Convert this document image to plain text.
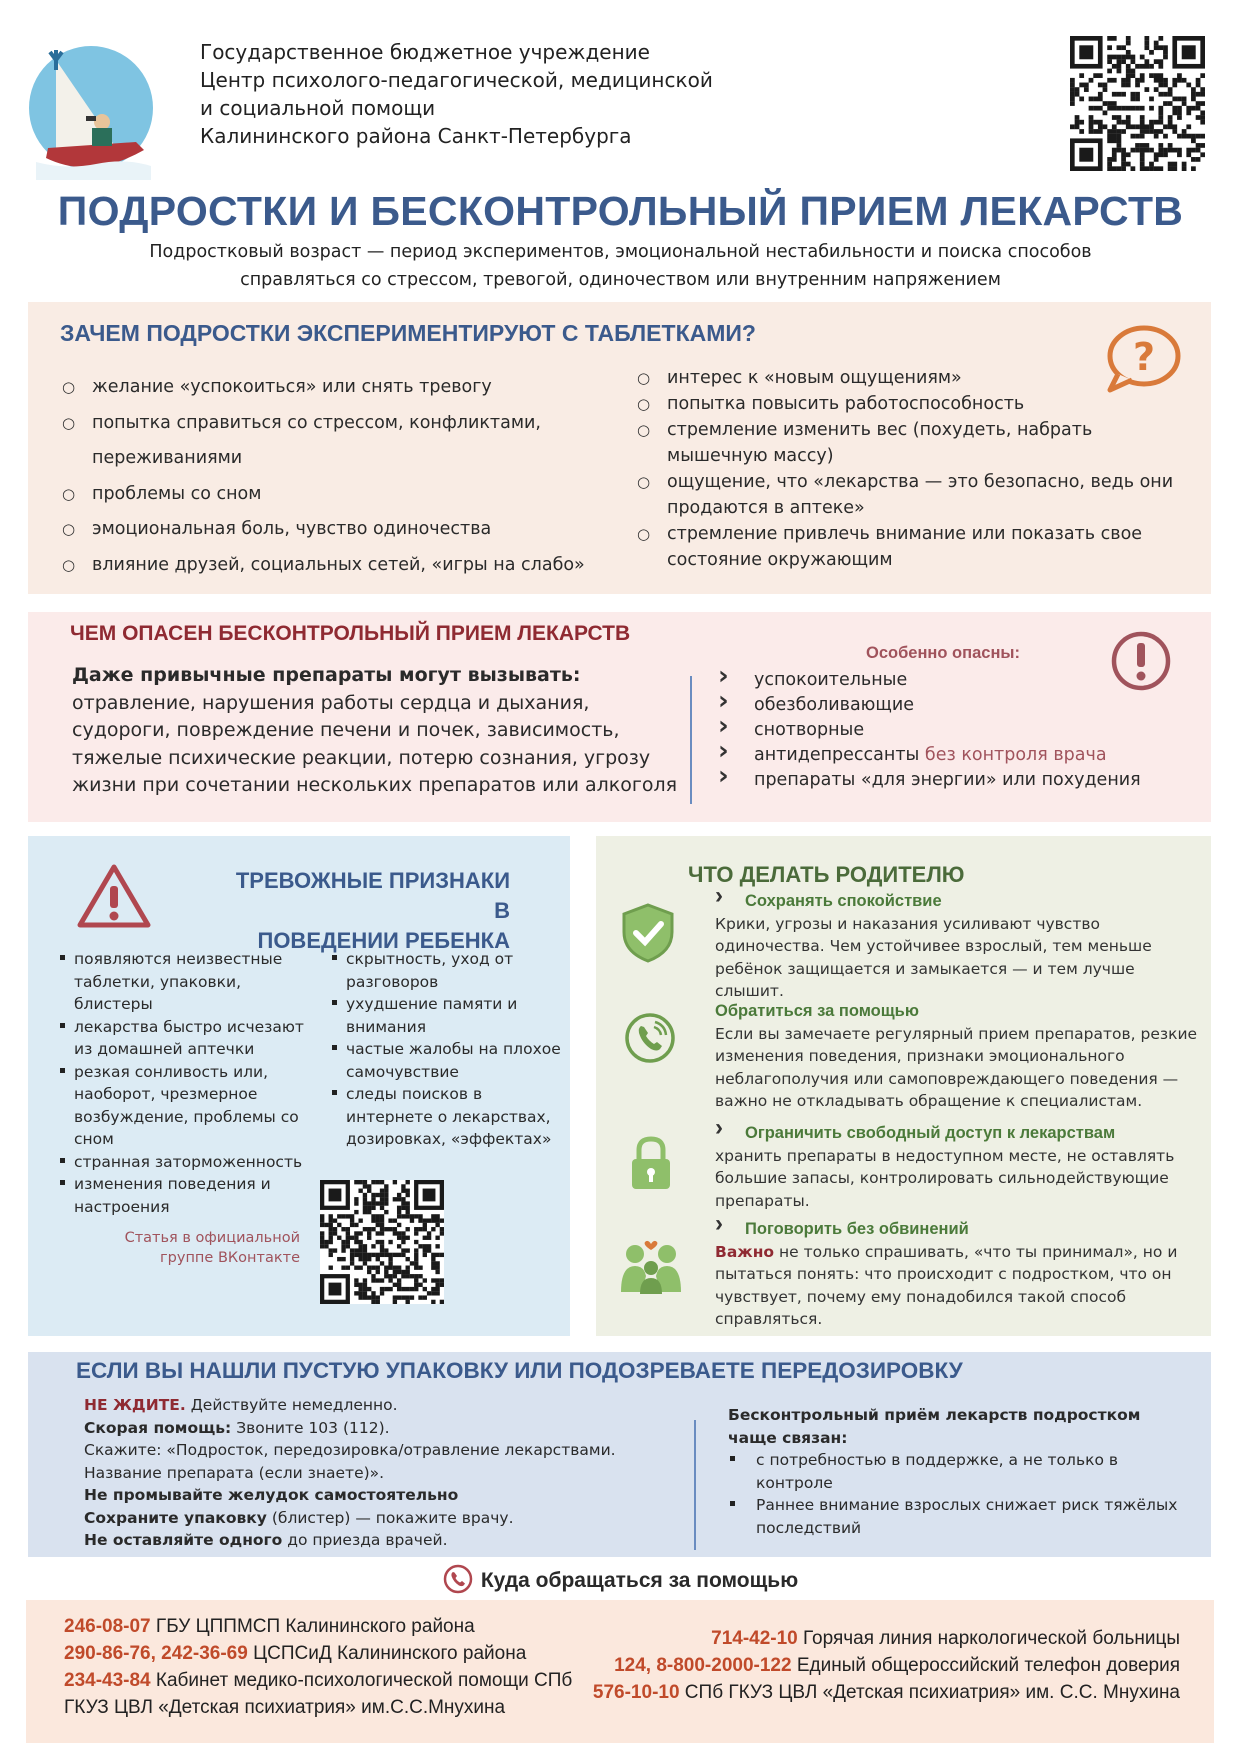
Государственное бюджетное учреждение
Центр психолого-педагогической, медицинской
и социальной помощи
Калининского района Санкт-Петербурга
ПОДРОСТКИ И БЕСКОНТРОЛЬНЫЙ ПРИЕМ ЛЕКАРСТВ
Подростковый возраст — период экспериментов, эмоциональной нестабильности и поиска способов
справляться со стрессом, тревогой, одиночеством или внутренним напряжением
ЗАЧЕМ ПОДРОСТКИ ЭКСПЕРИМЕНТИРУЮТ С ТАБЛЕТКАМИ?
?
○ желание «успокоиться» или снять тревогу
○ попытка справиться со стрессом, конфликтами, переживаниями
○ проблемы со сном
○ эмоциональная боль, чувство одиночества
○ влияние друзей, социальных сетей, «игры на слабо»
○ интерес к «новым ощущениям»
○ попытка повысить работоспособность
○ стремление изменить вес (похудеть, набрать мышечную массу)
○ ощущение, что «лекарства — это безопасно, ведь они продаются в аптеке»
○ стремление привлечь внимание или показать свое состояние окружающим
ЧЕМ ОПАСЕН БЕСКОНТРОЛЬНЫЙ ПРИЕМ ЛЕКАРСТВ
Даже привычные препараты могут вызывать:
отравление, нарушения работы сердца и дыхания, судороги, повреждение печени и почек, зависимость, тяжелые психические реакции, потерю сознания, угрозу жизни при сочетании нескольких препаратов или алкоголя
Особенно опасны:
› успокоительные
› обезболивающие
› снотворные
› антидепрессанты без контроля врача
› препараты «для энергии» или похудения
ТРЕВОЖНЫЕ ПРИЗНАКИ В
ПОВЕДЕНИИ РЕБЕНКА
появляются неизвестные таблетки, упаковки, блистеры
лекарства быстро исчезают из домашней аптечки
резкая сонливость или, наоборот, чрезмерное возбуждение, проблемы со сном
странная заторможенность
изменения поведения и настроения
скрытность, уход от разговоров
ухудшение памяти и внимания
частые жалобы на плохое самочувствие
следы поисков в интернете о лекарствах, дозировках, «эффектах»
Статья в официальной
группе ВКонтакте
ЧТО ДЕЛАТЬ РОДИТЕЛЮ
› Сохранять спокойствие
Крики, угрозы и наказания усиливают чувство одиночества. Чем устойчивее взрослый, тем меньше ребёнок защищается и замыкается — и тем лучше слышит.
Обратиться за помощью
Если вы замечаете регулярный прием препаратов, резкие изменения поведения, признаки эмоционального неблагополучия или самоповреждающего поведения — важно не откладывать обращение к специалистам.
› Ограничить свободный доступ к лекарствам
хранить препараты в недоступном месте, не оставлять большие запасы, контролировать сильнодействующие препараты.
› Поговорить без обвинений
Важно не только спрашивать, «что ты принимал», но и пытаться понять: что происходит с подростком, что он чувствует, почему ему понадобился такой способ справляться.
ЕСЛИ ВЫ НАШЛИ ПУСТУЮ УПАКОВКУ ИЛИ ПОДОЗРЕВАЕТЕ ПЕРЕДОЗИРОВКУ
НЕ ЖДИТЕ. Действуйте немедленно.
Скорая помощь: Звоните 103 (112).
Скажите: «Подросток, передозировка/отравление лекарствами.
Название препарата (если знаете)».
Не промывайте желудок самостоятельно
Сохраните упаковку (блистер) — покажите врачу.
Не оставляйте одного до приезда врачей.
Бесконтрольный приём лекарств подростком чаще связан:
с потребностью в поддержке, а не только в контроле
Раннее внимание взрослых снижает риск тяжёлых последствий
Куда обращаться за помощью
246-08-07 ГБУ ЦППМСП Калининского района
290-86-76, 242-36-69 ЦСПСиД Калининского района
234-43-84 Кабинет медико-психологической помощи СПб
ГКУЗ ЦВЛ «Детская психиатрия» им.С.С.Мнухина
714-42-10 Горячая линия наркологической больницы
124, 8-800-2000-122 Единый общероссийский телефон доверия
576-10-10 СПб ГКУЗ ЦВЛ «Детская психиатрия» им. С.С. Мнухина
